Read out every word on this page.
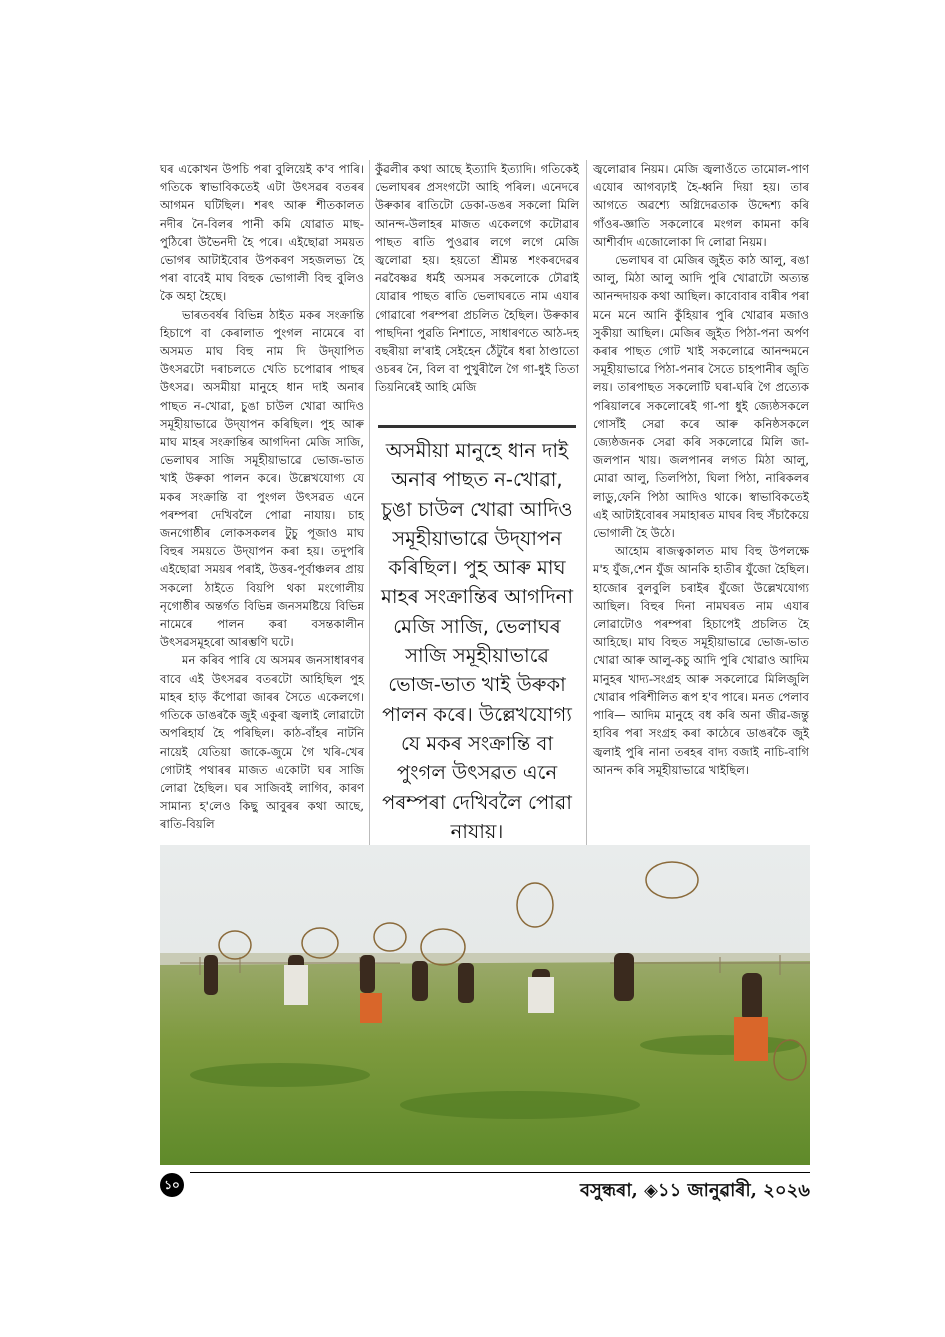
ঘৰ একোখন উপচি পৰা বুলিয়েই ক'ব পাৰি। গতিকে স্বাভাবিকতেই এটা উৎসৱৰ বতৰৰ আগমন ঘটিছিল। শৰৎ আৰু শীতকালত নদীৰ নৈ-বিলৰ পানী কমি যোৱাত মাছ-পুঠিৰো উভৈনদী হৈ পৰে। এইছোৱা সময়ত ভোগৰ আটাইবোৰ উপকৰণ সহজলভ্য হৈ পৰা বাবেই মাঘ বিহুক ভোগালী বিহু বুলিও কৈ অহা হৈছে।

ভাৰতবৰ্ষৰ বিভিন্ন ঠাইত মকৰ সংক্ৰান্তি হিচাপে বা কেৰালাত পুংগল নামেৰে বা অসমত মাঘ বিহু নাম দি উদ্‌যাপিত উৎসৱটো দৰাচলতে খেতি চপোৱাৰ পাছৰ উৎসৱ। অসমীয়া মানুহে ধান দাই অনাৰ পাছত ন-খোৱা, চুঙা চাউল খোৱা আদিও সমূহীয়াভাৱে উদ্‌যাপন কৰিছিল। পুহ আৰু মাঘ মাহৰ সংক্ৰান্তিৰ আগদিনা মেজি সাজি, ভেলাঘৰ সাজি সমূহীয়াভাৱে ভোজ-ভাত খাই উৰুকা পালন কৰে। উল্লেখযোগ্য যে মকৰ সংক্ৰান্তি বা পুংগল উৎসৱত এনে পৰম্পৰা দেখিবলৈ পোৱা নাযায়। চাহ জনগোষ্ঠীৰ লোকসকলৰ টুচু পূজাও মাঘ বিহুৰ সময়তে উদ্‌যাপন কৰা হয়। তদুপৰি এইছোৱা সময়ৰ পৰাই, উত্তৰ-পূৰ্বাঞ্চলৰ প্ৰায় সকলো ঠাইতে বিয়পি থকা মংগোলীয় নৃগোষ্ঠীৰ অন্তৰ্গত বিভিন্ন জনসমষ্টিয়ে বিভিন্ন নামেৰে পালন কৰা বসন্তকালীন উৎসৱসমূহৰো আৰম্ভণি ঘটে।

মন কৰিব পাৰি যে অসমৰ জনসাধাৰণৰ বাবে এই উৎসৱৰ বতৰটো আহিছিল পুহ মাহৰ হাড় কঁপোৱা জাৰৰ সৈতে একেলগে। গতিকে ডাঙৰকৈ জুই একুৰা জ্বলাই লোৱাটো অপৰিহাৰ্য হৈ পৰিছিল। কাঠ-বাঁহৰ নাটনি নায়েই যেতিয়া জাকে-জুমে গৈ খৰি-খেৰ গোটাই পথাৰৰ মাজত একোটা ঘৰ সাজি লোৱা হৈছিল। ঘৰ সাজিবই লাগিব, কাৰণ সামান্য হ'লেও কিছু আবুৰৰ কথা আছে, ৰাতি-বিয়লি

কুঁৱলীৰ কথা আছে ইত্যাদি ইত্যাদি। গতিকেই ভেলাঘৰৰ প্ৰসংগটো আহি পৰিল। এনেদৰে উৰুকাৰ ৰাতিটো ডেকা-ডঙৰ সকলো মিলি আনন্দ-উলাহৰ মাজত একেলগে কটোৱাৰ পাছত ৰাতি পুওৱাৰ লগে লগে মেজি জ্বলোৱা হয়। হয়তো শ্ৰীমন্ত শংকৰদেৱৰ নৱবৈষ্ণৱ ধৰ্মই অসমৰ সকলোকে ঢৌৱাই যোৱাৰ পাছত ৰাতি ভেলাঘৰতে নাম এযাৰ গোৱাৰো পৰম্পৰা প্ৰচলিত হৈছিল। উৰুকাৰ পাছদিনা পুৱতি নিশাতে, সাধাৰণতে আঠ-দহ বছৰীয়া ল'ৰাই সেইহেন ঠেঁটুৰৈ ধৰা ঠাণ্ডাতো ওচৰৰ নৈ, বিল বা পুখুৰীলৈ গৈ গা-ধুই তিতা তিয়নিৰেই আহি মেজি

অসমীয়া মানুহে ধান দাই অনাৰ পাছত ন-খোৱা, চুঙা চাউল খোৱা আদিও সমূহীয়াভাৱে উদ্‌যাপন কৰিছিল। পুহ আৰু মাঘ মাহৰ সংক্ৰান্তিৰ আগদিনা মেজি সাজি, ভেলাঘৰ সাজি সমূহীয়াভাৱে ভোজ-ভাত খাই উৰুকা পালন কৰে। উল্লেখযোগ্য যে মকৰ সংক্ৰান্তি বা পুংগল উৎসৱত এনে পৰম্পৰা দেখিবলৈ পোৱা নাযায়।

জ্বলোৱাৰ নিয়ম। মেজি জ্বলাওঁতে তামোল-পাণ এযোৰ আগবঢ়াই হৈ-ধ্বনি দিয়া হয়। তাৰ আগতে অৱশ্যে অগ্নিদেৱতাক উদ্দেশ্য কৰি গাঁওৰ-জ্ঞাতি সকলোৰে মংগল কামনা কৰি আশীৰ্বাদ এজোলোকা দি লোৱা নিয়ম।

ভেলাঘৰ বা মেজিৰ জুইত কাঠ আলু, ৰঙা আলু, মিঠা আলু আদি পুৰি খোৱাটো অত্যন্ত আনন্দদায়ক কথা আছিল। কাবোবাৰ বাৰীৰ পৰা মনে মনে আনি কুঁহিয়াৰ পুৰি খোৱাৰ মজাও সুকীয়া আছিল। মেজিৰ জুইত পিঠা-পনা অৰ্পণ কৰাৰ পাছত গোট খাই সকলোৱে আনন্দমনে সমূহীয়াভাৱে পিঠা-পনাৰ সৈতে চাহপানীৰ জুতি লয়। তাৰপাছত সকলোটি ঘৰা-ঘৰি গৈ প্ৰত্যেক পৰিয়ালৰে সকলোৰেই গা-পা ধুই জ্যেষ্ঠসকলে গোসাঁই সেৱা কৰে আৰু কনিষ্ঠসকলে জ্যেষ্ঠজনক সেৱা কৰি সকলোৱে মিলি জা-জলপান খায়। জলপানৰ লগত মিঠা আলু, মোৱা আলু, তিলপিঠা, ঘিলা পিঠা, নাৰিকলৰ লাডু,ফেনি পিঠা আদিও থাকে। স্বাভাবিকতেই এই আটাইবোৰৰ সমাহাৰত মাঘৰ বিহু সঁচাকৈয়ে ভোগালী হৈ উঠে।

আহোম ৰাজত্বকালত মাঘ বিহু উপলক্ষে ম'হ যুঁজ,শেন যুঁজ আনকি হাতীৰ যুঁজো হৈছিল। হাজোৰ বুলবুলি চৰাইৰ যুঁজো উল্লেখযোগ্য আছিল। বিহুৰ দিনা নামঘৰত নাম এযাৰ লোৱাটোও পৰম্পৰা হিচাপেই প্ৰচলিত হৈ আহিছে। মাঘ বিহুত সমূহীয়াভাৱে ভোজ-ভাত খোৱা আৰু আলু-কচু আদি পুৰি খোৱাও আদিম মানুহৰ খাদ্য-সংগ্ৰহ আৰু সকলোৱে মিলিজুলি খোৱাৰ পৰিশীলিত ৰূপ হ'ব পাৰে। মনত পেলাব পাৰি— আদিম মানুহে বধ কৰি অনা জীৱ-জন্তু হাবিৰ পৰা সংগ্ৰহ কৰা কাঠেৰে ডাঙৰকৈ জুই জ্বলাই পুৰি নানা তৰহৰ বাদ্য বজাই নাচি-বাগি আনন্দ কৰি সমূহীয়াভাৱে খাইছিল।

১০	বসুন্ধৰা, ◈১১ জানুৱাৰী, ২০২৬
